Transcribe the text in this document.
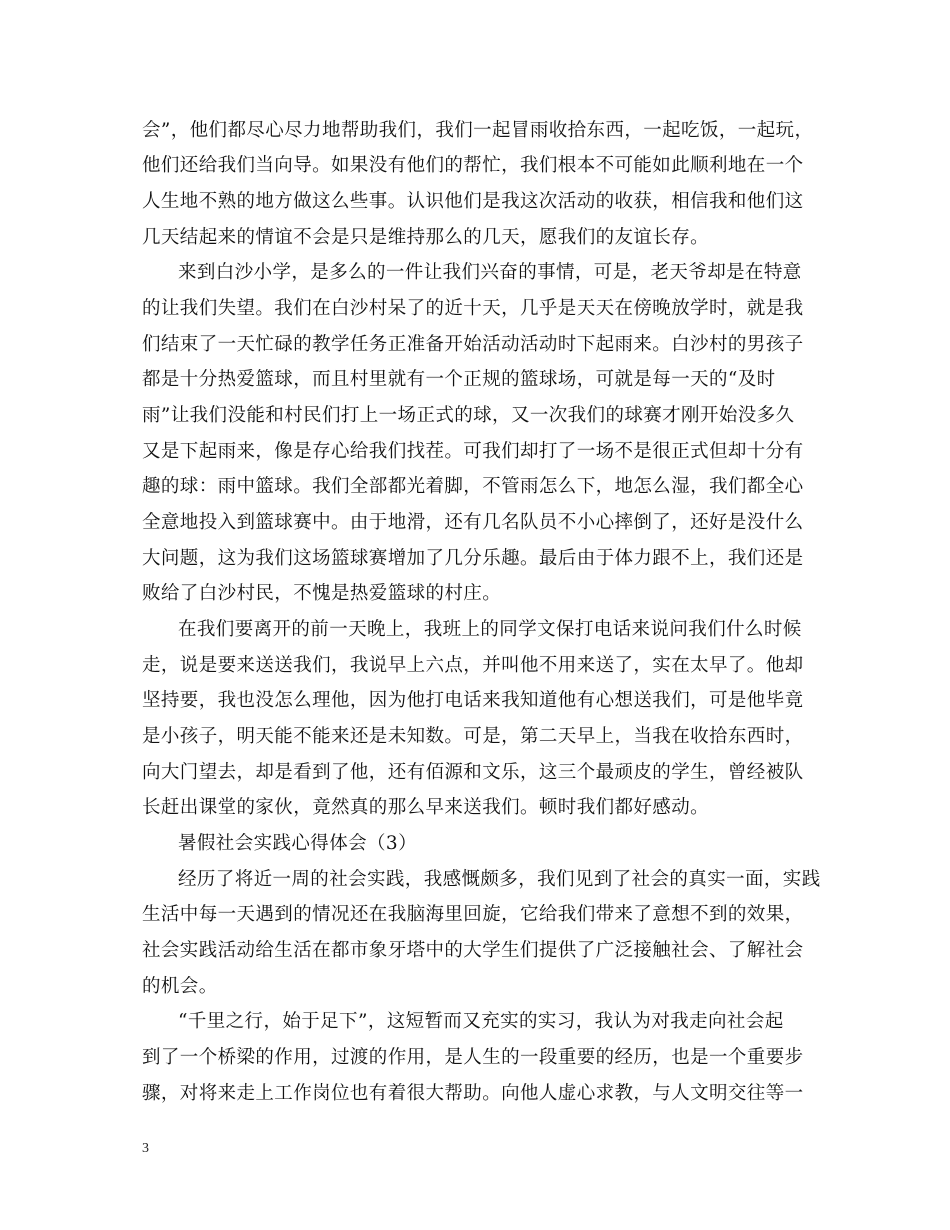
会”，他们都尽心尽力地帮助我们，我们一起冒雨收拾东西，一起吃饭，一起玩，
他们还给我们当向导。如果没有他们的帮忙，我们根本不可能如此顺利地在一个
人生地不熟的地方做这么些事。认识他们是我这次活动的收获，相信我和他们这
几天结起来的情谊不会是只是维持那么的几天，愿我们的友谊长存。
来到白沙小学，是多么的一件让我们兴奋的事情，可是，老天爷却是在特意
的让我们失望。我们在白沙村呆了的近十天，几乎是天天在傍晚放学时，就是我
们结束了一天忙碌的教学任务正准备开始活动活动时下起雨来。白沙村的男孩子
都是十分热爱篮球，而且村里就有一个正规的篮球场，可就是每一天的“及时
雨”让我们没能和村民们打上一场正式的球，又一次我们的球赛才刚开始没多久
又是下起雨来，像是存心给我们找茬。可我们却打了一场不是很正式但却十分有
趣的球：雨中篮球。我们全部都光着脚，不管雨怎么下，地怎么湿，我们都全心
全意地投入到篮球赛中。由于地滑，还有几名队员不小心摔倒了，还好是没什么
大问题，这为我们这场篮球赛增加了几分乐趣。最后由于体力跟不上，我们还是
败给了白沙村民，不愧是热爱篮球的村庄。
在我们要离开的前一天晚上，我班上的同学文保打电话来说问我们什么时候
走，说是要来送送我们，我说早上六点，并叫他不用来送了，实在太早了。他却
坚持要，我也没怎么理他，因为他打电话来我知道他有心想送我们，可是他毕竟
是小孩子，明天能不能来还是未知数。可是，第二天早上，当我在收拾东西时，
向大门望去，却是看到了他，还有佰源和文乐，这三个最顽皮的学生，曾经被队
长赶出课堂的家伙，竟然真的那么早来送我们。顿时我们都好感动。
暑假社会实践心得体会（3）
经历了将近一周的社会实践，我感慨颇多，我们见到了社会的真实一面，实践
生活中每一天遇到的情况还在我脑海里回旋，它给我们带来了意想不到的效果，
社会实践活动给生活在都市象牙塔中的大学生们提供了广泛接触社会、了解社会
的机会。
“千里之行，始于足下”，这短暂而又充实的实习，我认为对我走向社会起
到了一个桥梁的作用，过渡的作用，是人生的一段重要的经历，也是一个重要步
骤，对将来走上工作岗位也有着很大帮助。向他人虚心求教，与人文明交往等一
3
